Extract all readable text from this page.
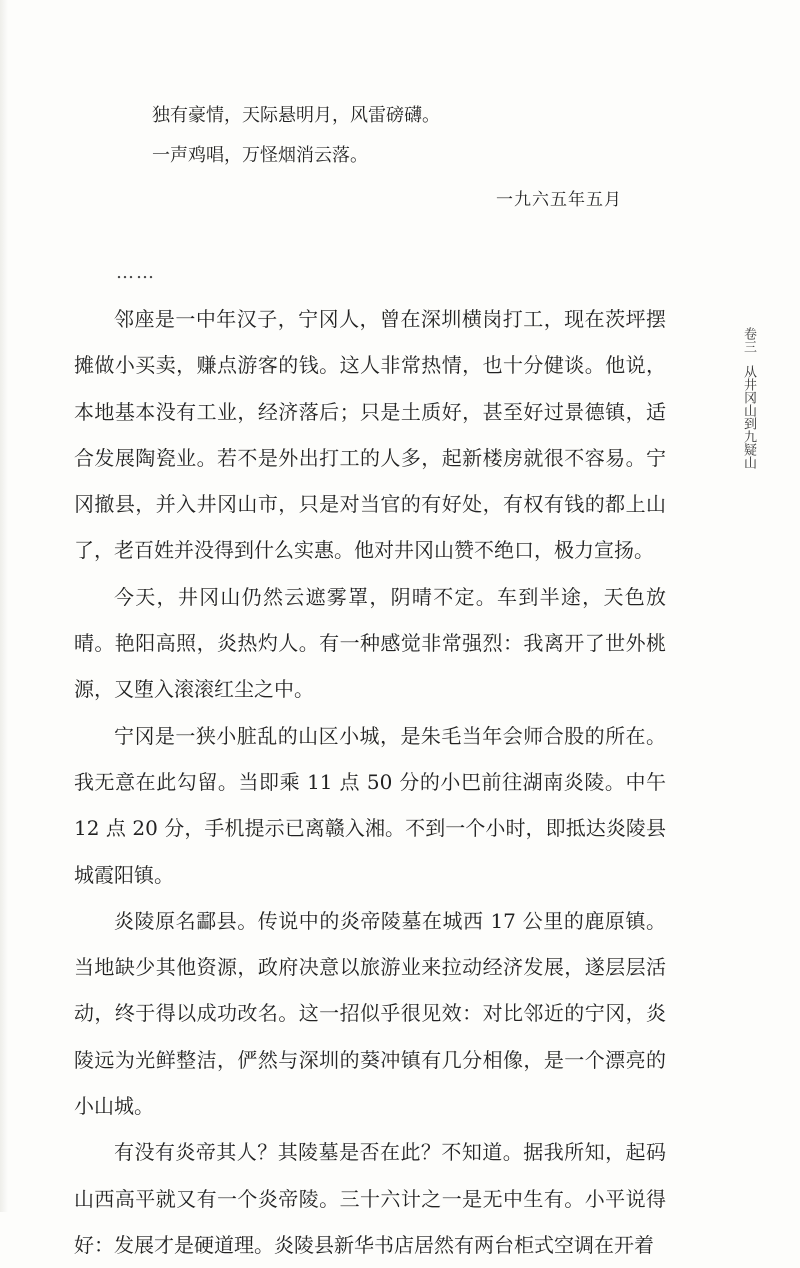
独有豪情，天际悬明月，风雷磅礴。
一声鸡唱，万怪烟消云落。
一九六五年五月
……

邻座是一中年汉子，宁冈人，曾在深圳横岗打工，现在茨坪摆摊做小买卖，赚点游客的钱。这人非常热情，也十分健谈。他说，本地基本没有工业，经济落后；只是土质好，甚至好过景德镇，适合发展陶瓷业。若不是外出打工的人多，起新楼房就很不容易。宁冈撤县，并入井冈山市，只是对当官的有好处，有权有钱的都上山了，老百姓并没得到什么实惠。他对井冈山赞不绝口，极力宣扬。

今天，井冈山仍然云遮雾罩，阴晴不定。车到半途，天色放晴。艳阳高照，炎热灼人。有一种感觉非常强烈：我离开了世外桃源，又堕入滚滚红尘之中。

宁冈是一狭小脏乱的山区小城，是朱毛当年会师合股的所在。我无意在此勾留。当即乘 11 点 50 分的小巴前往湖南炎陵。中午 12 点 20 分，手机提示已离赣入湘。不到一个小时，即抵达炎陵县城霞阳镇。

炎陵原名酃县。传说中的炎帝陵墓在城西 17 公里的鹿原镇。当地缺少其他资源，政府决意以旅游业来拉动经济发展，遂层层活动，终于得以成功改名。这一招似乎很见效：对比邻近的宁冈，炎陵远为光鲜整洁，俨然与深圳的葵冲镇有几分相像，是一个漂亮的小山城。

有没有炎帝其人？其陵墓是否在此？不知道。据我所知，起码山西高平就又有一个炎帝陵。三十六计之一是无中生有。小平说得好：发展才是硬道理。炎陵县新华书店居然有两台柜式空调在开着

卷三从井冈山到九疑山
